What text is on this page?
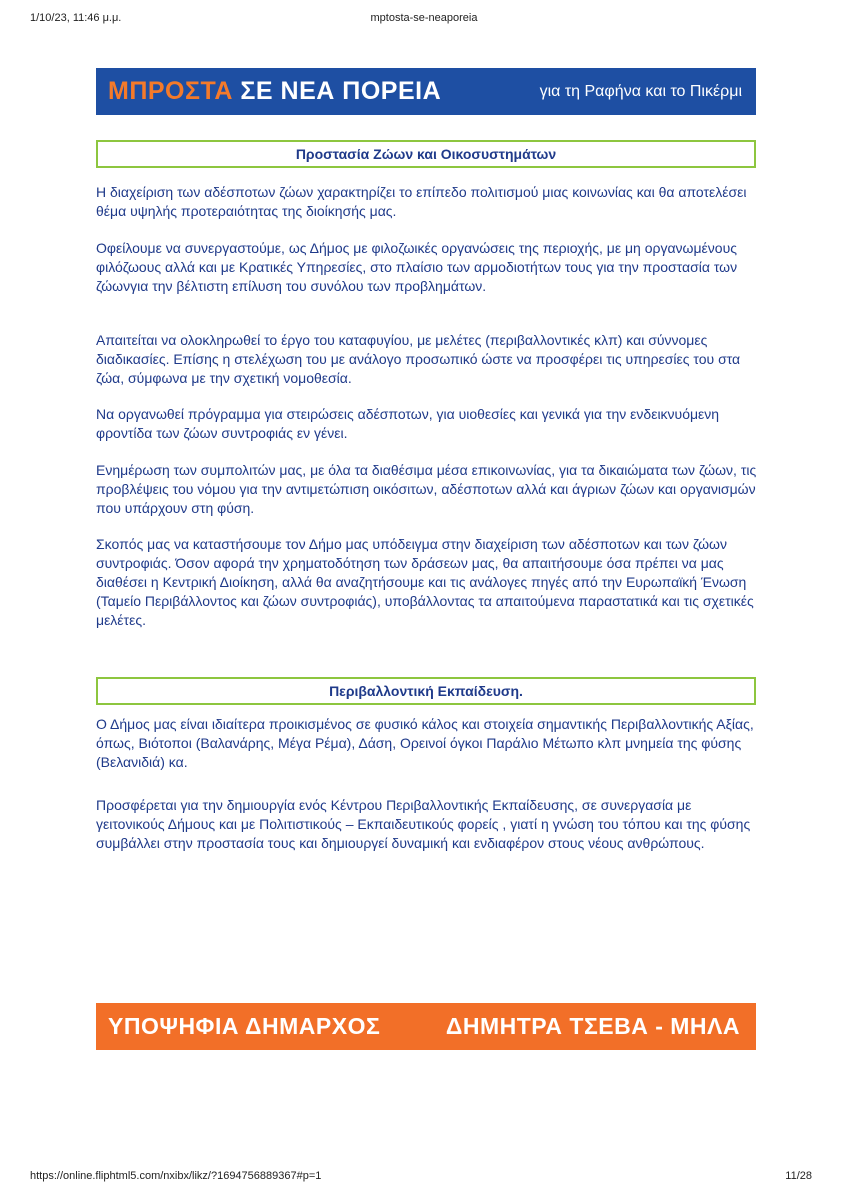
1/10/23, 11:46 μ.μ.	mptosta-se-neaporeia
ΜΠΡΟΣΤΑ ΣΕ ΝΕΑ ΠΟΡΕΙΑ	για τη Ραφήνα και το Πικέρμι
Προστασία Ζώων και Οικοσυστημάτων

Η διαχείριση των αδέσποτων ζώων χαρακτηρίζει το επίπεδο πολιτισμού μιας κοινωνίας και θα αποτελέσει θέμα υψηλής προτεραιότητας της διοίκησής μας.

Οφείλουμε να συνεργαστούμε, ως Δήμος με φιλοζωικές οργανώσεις της περιοχής, με μη οργανωμένους φιλόζωους αλλά και με Κρατικές Υπηρεσίες, στο πλαίσιο των αρμοδιοτήτων τους για την προστασία των ζώωνγια την βέλτιστη επίλυση του συνόλου των προβλημάτων.

Απαιτείται να ολοκληρωθεί το έργο του καταφυγίου, με μελέτες (περιβαλλοντικές κλπ) και σύννομες διαδικασίες. Επίσης η στελέχωση του με ανάλογο προσωπικό ώστε να προσφέρει τις υπηρεσίες του στα ζώα, σύμφωνα με την σχετική νομοθεσία.

Να οργανωθεί πρόγραμμα για στειρώσεις αδέσποτων, για υιοθεσίες και γενικά για την ενδεικνυόμενη φροντίδα των ζώων συντροφιάς εν γένει.

Ενημέρωση των συμπολιτών μας, με όλα τα διαθέσιμα μέσα επικοινωνίας, για τα δικαιώματα των ζώων, τις προβλέψεις του νόμου για την αντιμετώπιση οικόσιτων, αδέσποτων αλλά και άγριων ζώων και οργανισμών που υπάρχουν στη φύση.

Σκοπός μας να καταστήσουμε τον Δήμο μας υπόδειγμα στην διαχείριση των αδέσποτων και των ζώων συντροφιάς. Όσον αφορά την χρηματοδότηση των δράσεων μας, θα απαιτήσουμε όσα πρέπει να μας διαθέσει η Κεντρική Διοίκηση, αλλά θα αναζητήσουμε και τις ανάλογες πηγές από την Ευρωπαϊκή Ένωση (Ταμείο Περιβάλλοντος και ζώων συντροφιάς), υποβάλλοντας τα απαιτούμενα παραστατικά και τις σχετικές μελέτες.

Περιβαλλοντική Εκπαίδευση.

Ο Δήμος μας είναι ιδιαίτερα προικισμένος σε φυσικό κάλος και στοιχεία σημαντικής Περιβαλλοντικής Αξίας, όπως, Βιότοποι (Βαλανάρης, Μέγα Ρέμα), Δάση, Ορεινοί όγκοι Παράλιο Μέτωπο κλπ μνημεία της φύσης (Βελανιδιά) κα.

Προσφέρεται για την δημιουργία ενός Κέντρου Περιβαλλοντικής Εκπαίδευσης, σε συνεργασία με γειτονικούς Δήμους και με Πολιτιστικούς – Εκπαιδευτικούς φορείς , γιατί η γνώση του τόπου και της φύσης συμβάλλει στην προστασία τους και δημιουργεί δυναμική και ενδιαφέρον στους νέους ανθρώπους.

ΥΠΟΨΗΦΙΑ ΔΗΜΑΡΧΟΣ	ΔΗΜΗΤΡΑ ΤΣΕΒΑ - ΜΗΛΑ
https://online.fliphtml5.com/nxibx/likz/?1694756889367#p=1	11/28
